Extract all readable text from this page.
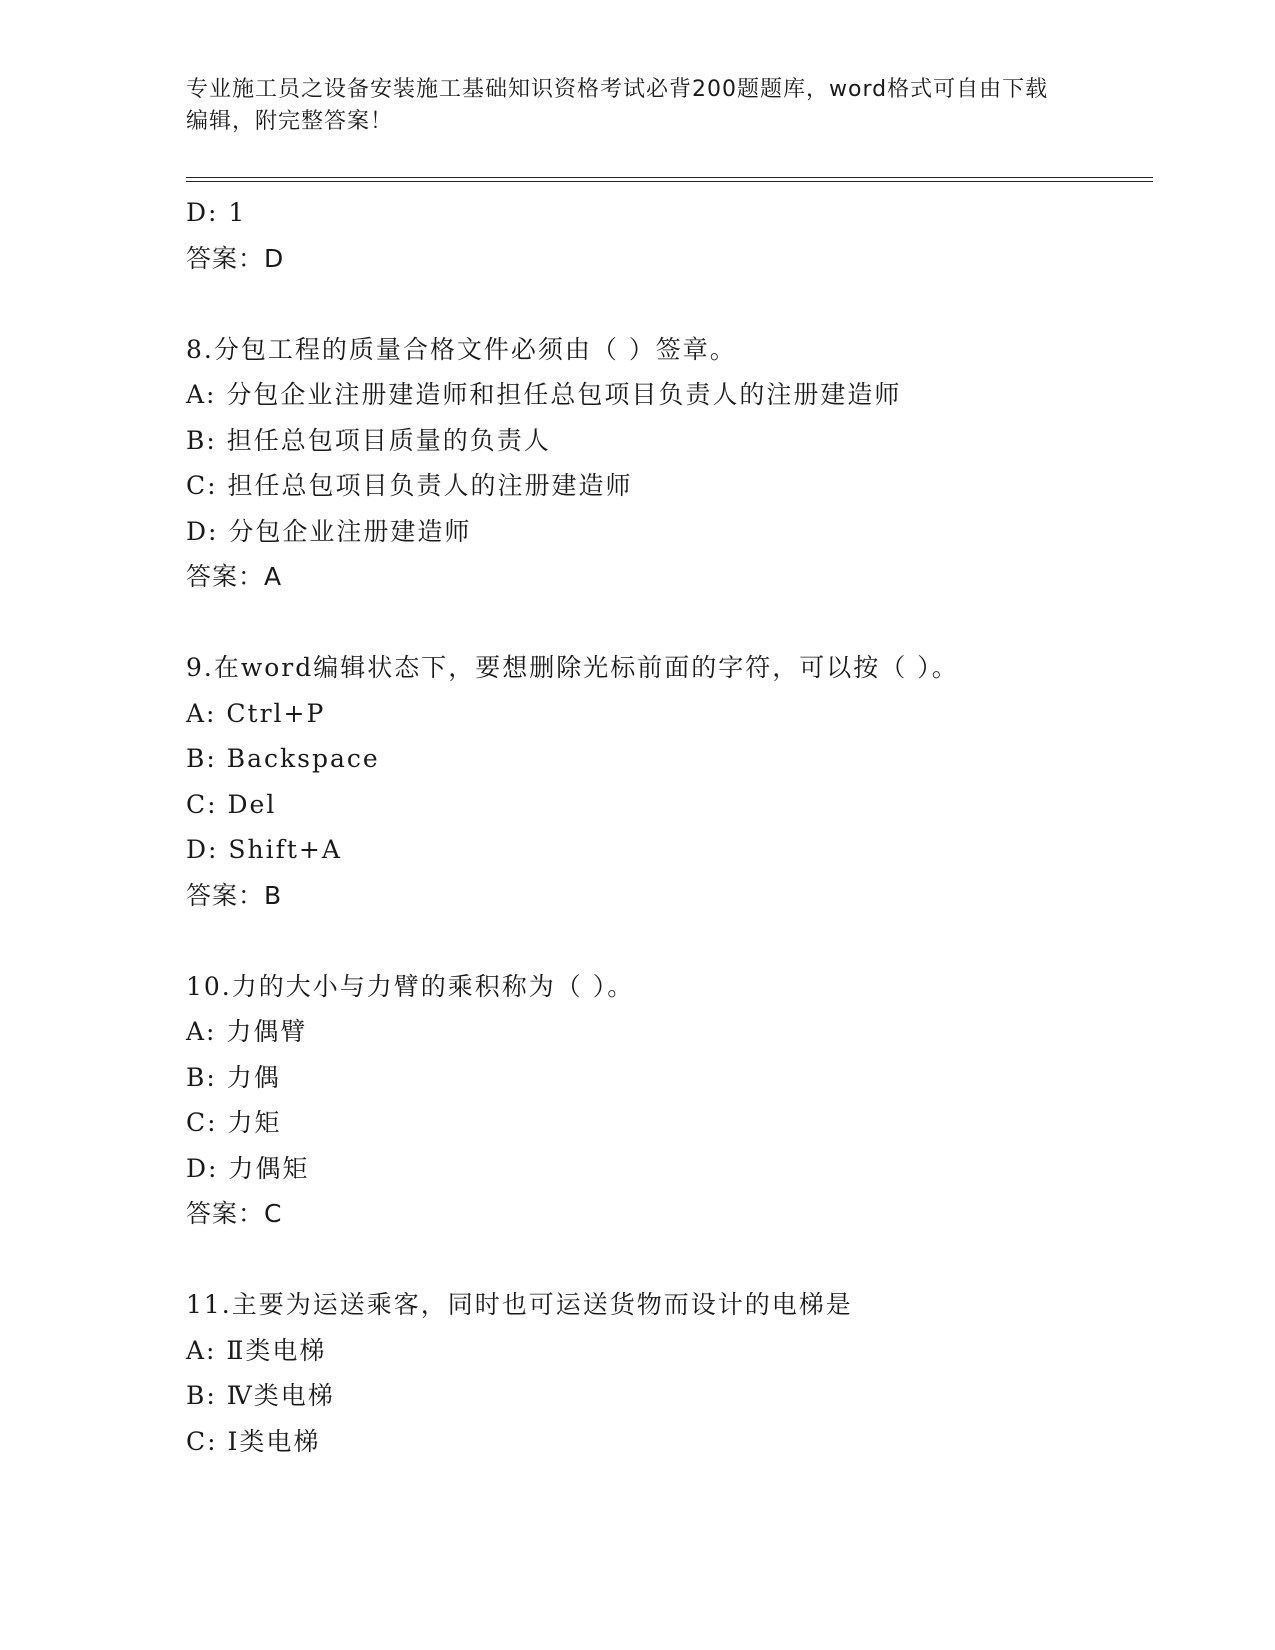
专业施工员之设备安装施工基础知识资格考试必背200题题库，word格式可自由下载编辑，附完整答案！
D: 1
答案：D
8.分包工程的质量合格文件必须由（ ）签章。
A: 分包企业注册建造师和担任总包项目负责人的注册建造师
B: 担任总包项目质量的负责人
C: 担任总包项目负责人的注册建造师
D: 分包企业注册建造师
答案：A
9.在word编辑状态下，要想删除光标前面的字符，可以按（ ）。
A: Ctrl+P
B: Backspace
C: Del
D: Shift+A
答案：B
10.力的大小与力臂的乘积称为（ ）。
A: 力偶臂
B: 力偶
C: 力矩
D: 力偶矩
答案：C
11.主要为运送乘客，同时也可运送货物而设计的电梯是
A: Ⅱ类电梯
B: Ⅳ类电梯
C: Ⅰ类电梯
